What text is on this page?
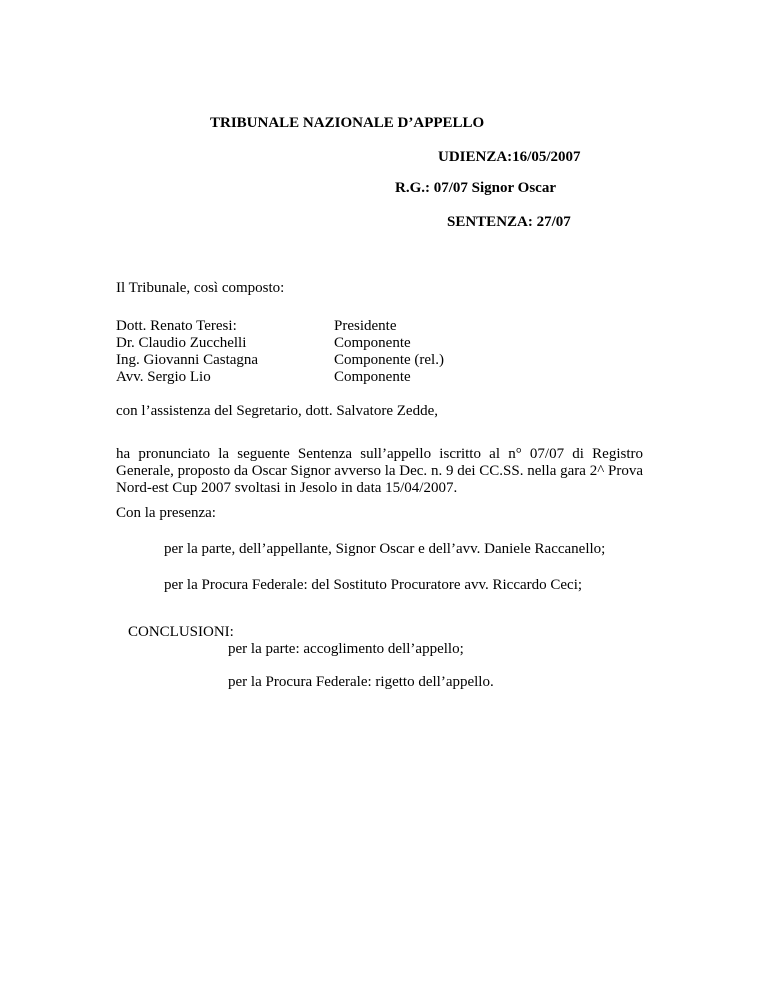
TRIBUNALE NAZIONALE D’APPELLO
UDIENZA:16/05/2007
R.G.: 07/07 Signor Oscar
SENTENZA: 27/07
Il Tribunale, così composto:
Dott. Renato Teresi:	Presidente
Dr. Claudio Zucchelli	Componente
Ing. Giovanni Castagna	Componente (rel.)
Avv. Sergio Lio	Componente
con l’assistenza del Segretario, dott. Salvatore Zedde,
ha pronunciato la seguente Sentenza sull’appello iscritto al n° 07/07 di Registro Generale, proposto da Oscar Signor avverso la Dec. n. 9 dei CC.SS. nella gara 2^ Prova Nord-est Cup 2007 svoltasi in Jesolo in data 15/04/2007.
Con la presenza:
per la parte, dell’appellante, Signor Oscar e dell’avv. Daniele Raccanello;
per la Procura Federale: del Sostituto Procuratore avv. Riccardo Ceci;
CONCLUSIONI:
per la parte: accoglimento dell’appello;
per la Procura Federale: rigetto dell’appello.
